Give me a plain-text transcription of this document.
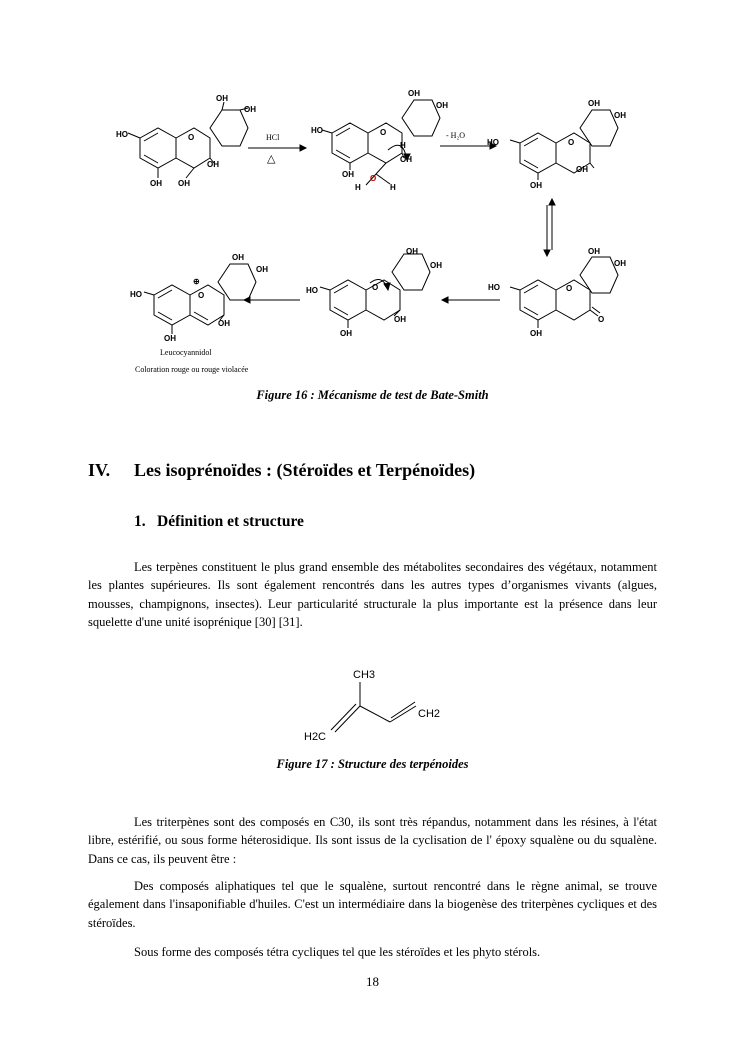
OH
OH
HO	O
OH
OH OH
OH
OH
HO	O
H
OH
OH O
H	H
OH
OH
HO	O
OH
OH
OH
OH
HO	O
O
OH
OH
OH
HO	O
OH
OH
OH
OH
⊕
HO	O
OH
OH
HCl
△
- H₂O
Leucocyannidol
Coloration rouge ou rouge violacée
Figure 16 : Mécanisme de test de Bate-Smith
IV. Les isoprénoïdes : (Stéroïdes et Terpénoïdes)
1. Définition et structure

Les terpènes constituent le plus grand ensemble des métabolites secondaires des végétaux, notamment les plantes supérieures. Ils sont également rencontrés dans les autres types d’organismes vivants (algues, mousses, champignons, insectes). Leur particularité structurale la plus importante est la présence dans leur squelette d'une unité isoprénique [30] [31].

CH3
CH2
H2C
Figure 17 : Structure des terpénoides

Les triterpènes sont des composés en C30, ils sont très répandus, notamment dans les résines, à l'état libre, estérifié, ou sous forme héterosidique. Ils sont issus de la cyclisation de l' époxy squalène ou du squalène. Dans ce cas, ils peuvent être :

Des composés aliphatiques tel que le squalène, surtout rencontré dans le règne animal, se trouve également dans l'insaponifiable d'huiles. C'est un intermédiaire dans la biogenèse des triterpènes cycliques et des stéroïdes.

Sous forme des composés tétra cycliques tel que les stéroïdes et les phyto stérols.

18
